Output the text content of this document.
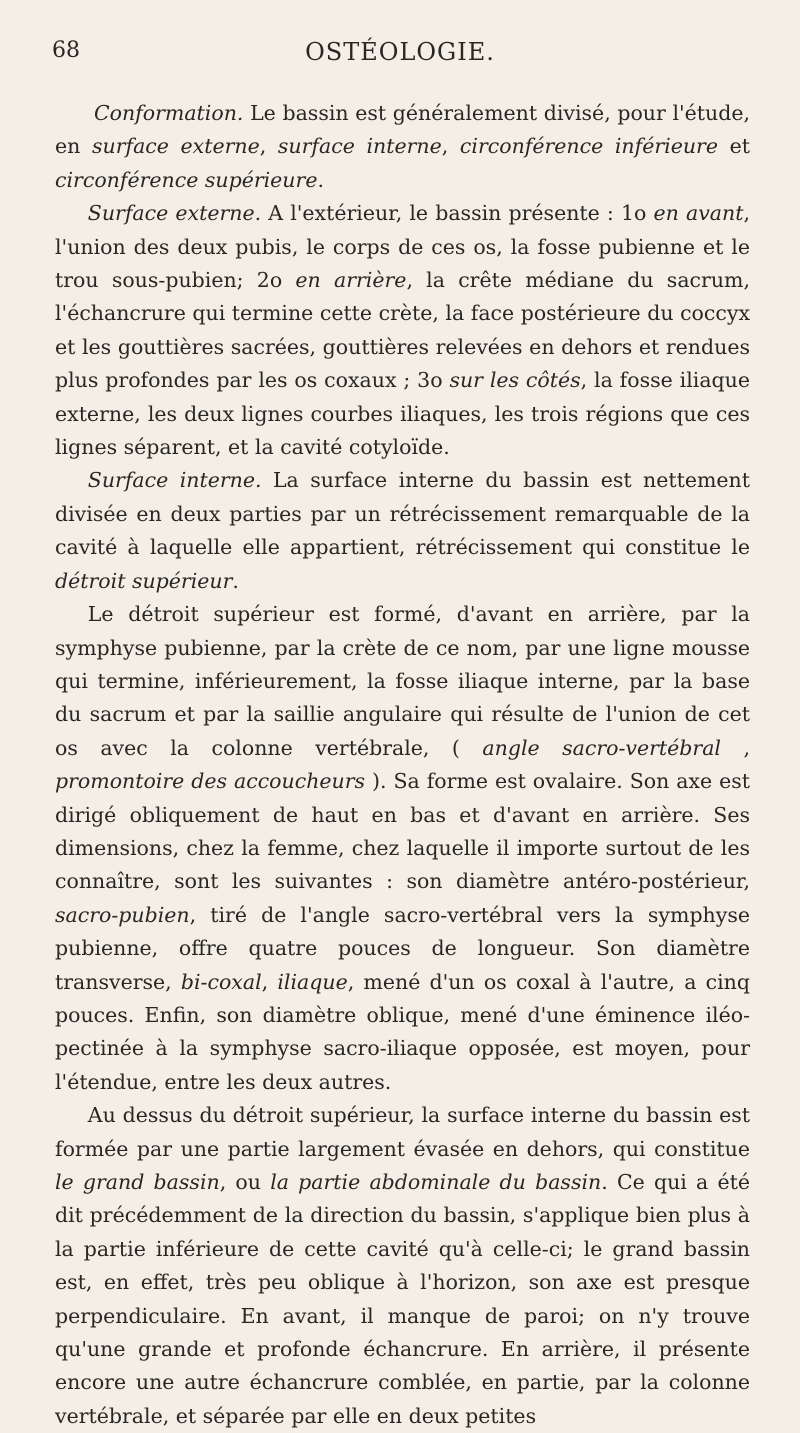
68	OSTÉOLOGIE.

Conformation. Le bassin est généralement divisé, pour l'étude, en surface externe, surface interne, circonférence inférieure et circonférence supérieure.

Surface externe. A l'extérieur, le bassin présente : 1o en avant, l'union des deux pubis, le corps de ces os, la fosse pubienne et le trou sous-pubien; 2o en arrière, la crête médiane du sacrum, l'échancrure qui termine cette crète, la face postérieure du coccyx et les gouttières sacrées, gouttières relevées en dehors et rendues plus profondes par les os coxaux ; 3o sur les côtés, la fosse iliaque externe, les deux lignes courbes iliaques, les trois régions que ces lignes séparent, et la cavité cotyloïde.

Surface interne. La surface interne du bassin est nettement divisée en deux parties par un rétrécissement remarquable de la cavité à laquelle elle appartient, rétrécissement qui constitue le détroit supérieur.

Le détroit supérieur est formé, d'avant en arrière, par la symphyse pubienne, par la crète de ce nom, par une ligne mousse qui termine, inférieurement, la fosse iliaque interne, par la base du sacrum et par la saillie angulaire qui résulte de l'union de cet os avec la colonne vertébrale, ( angle sacro-vertébral , promontoire des accoucheurs ). Sa forme est ovalaire. Son axe est dirigé obliquement de haut en bas et d'avant en arrière. Ses dimensions, chez la femme, chez laquelle il importe surtout de les connaître, sont les suivantes : son diamètre antéro-postérieur, sacro-pubien, tiré de l'angle sacro-vertébral vers la symphyse pubienne, offre quatre pouces de longueur. Son diamètre transverse, bi-coxal, iliaque, mené d'un os coxal à l'autre, a cinq pouces. Enfin, son diamètre oblique, mené d'une éminence iléo-pectinée à la symphyse sacro-iliaque opposée, est moyen, pour l'étendue, entre les deux autres.

Au dessus du détroit supérieur, la surface interne du bassin est formée par une partie largement évasée en dehors, qui constitue le grand bassin, ou la partie abdominale du bassin. Ce qui a été dit précédemment de la direction du bassin, s'applique bien plus à la partie inférieure de cette cavité qu'à celle-ci; le grand bassin est, en effet, très peu oblique à l'horizon, son axe est presque perpendiculaire. En avant, il manque de paroi; on n'y trouve qu'une grande et profonde échancrure. En arrière, il présente encore une autre échancrure comblée, en partie, par la colonne vertébrale, et séparée par elle en deux petites
